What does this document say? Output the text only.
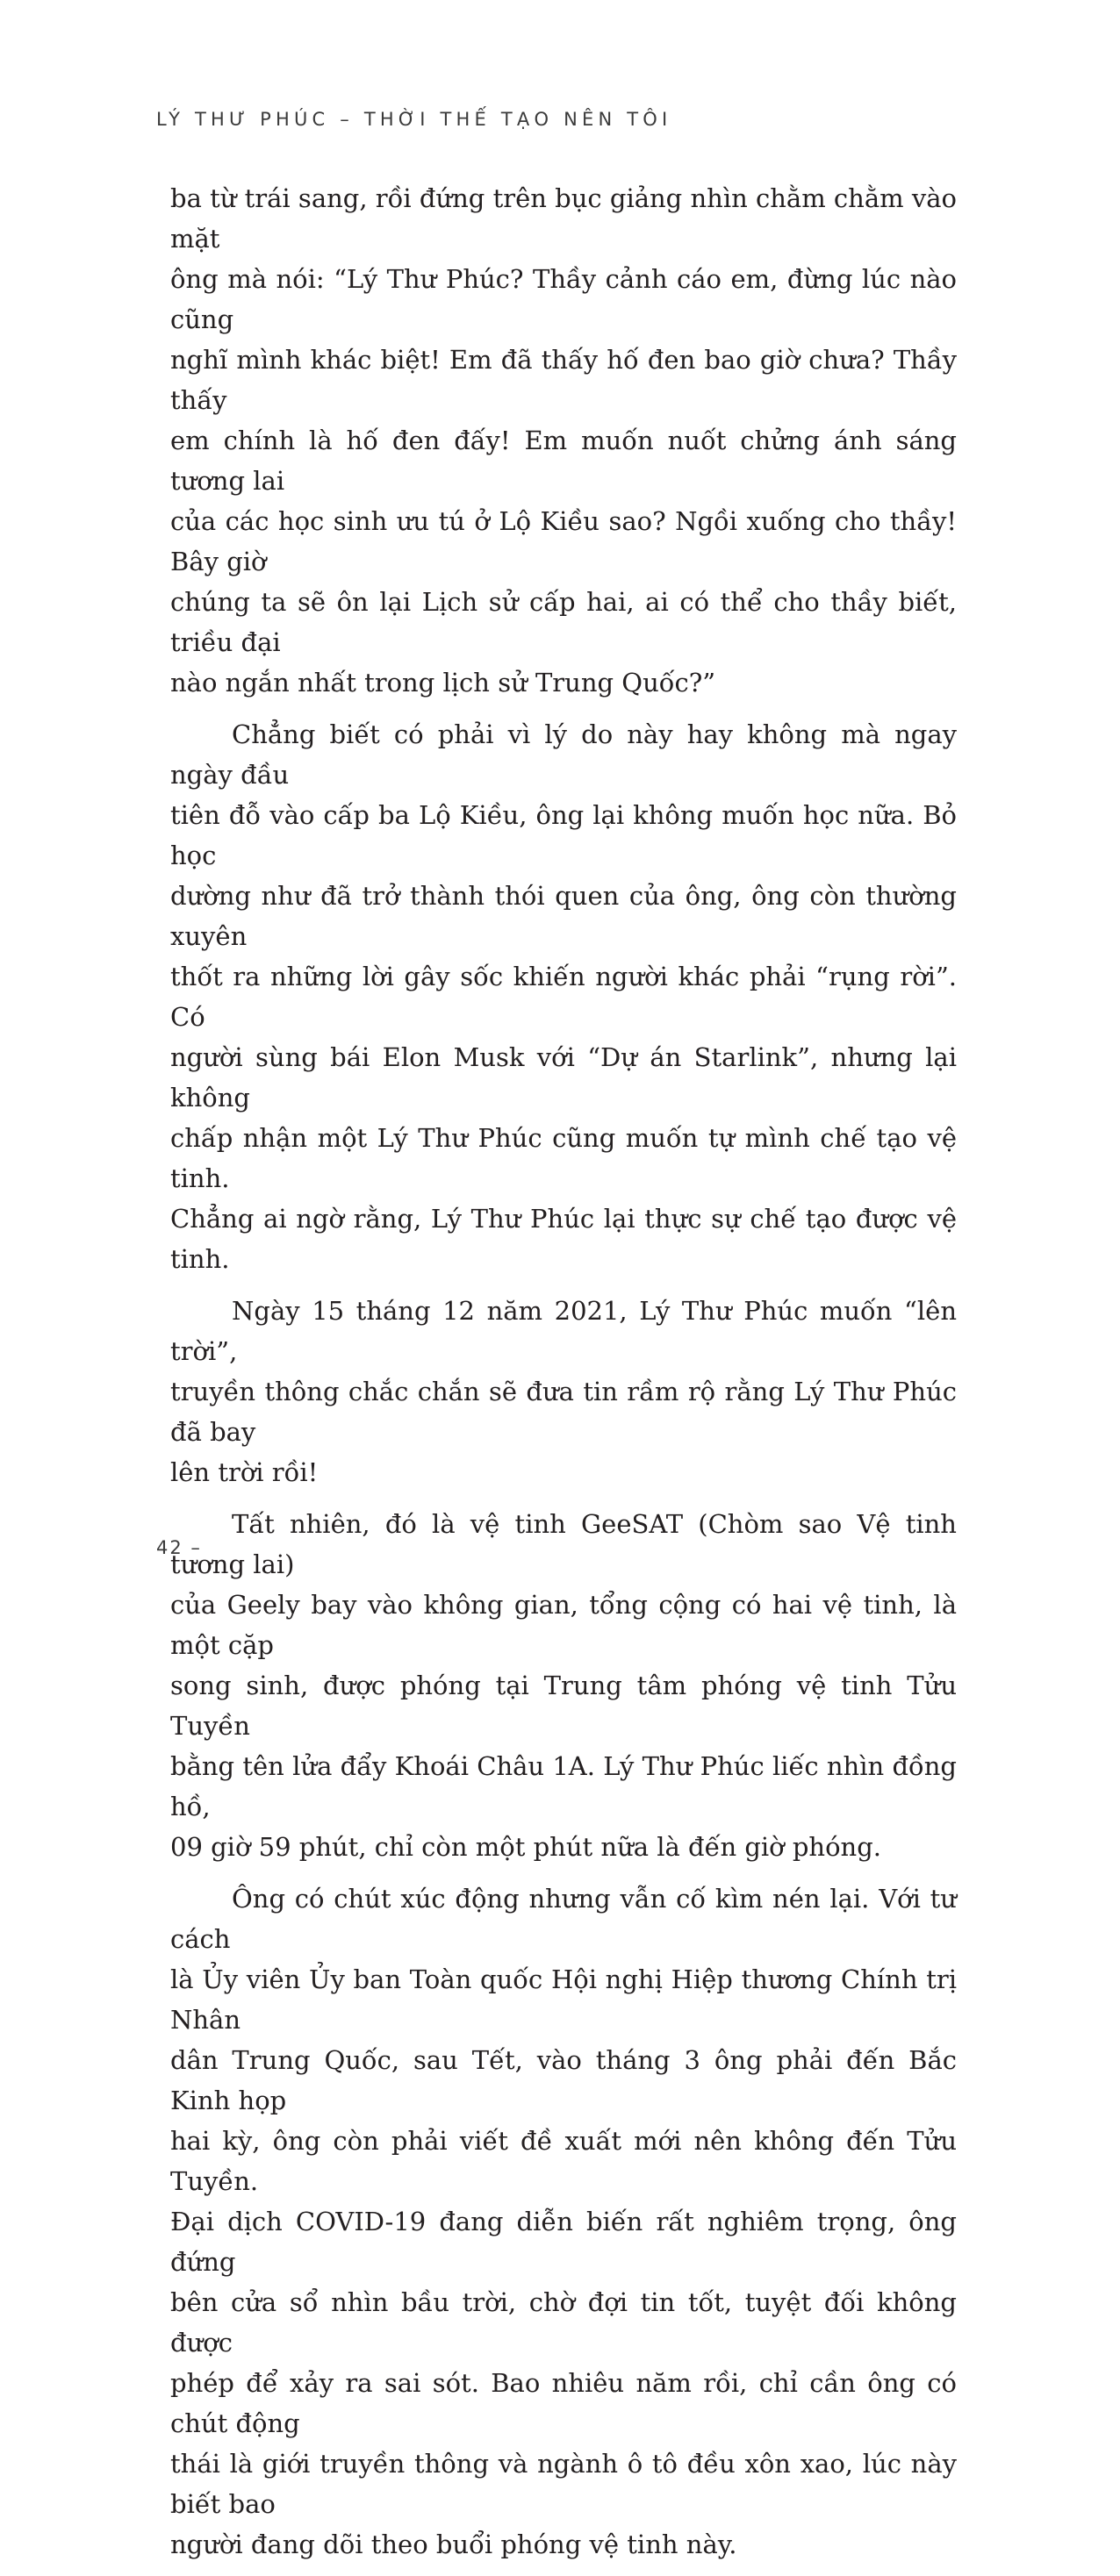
LÝ THƯ PHÚC – THỜI THẾ TẠO NÊN TÔI

ba từ trái sang, rồi đứng trên bục giảng nhìn chằm chằm vào mặt
ông mà nói: “Lý Thư Phúc? Thầy cảnh cáo em, đừng lúc nào cũng
nghĩ mình khác biệt! Em đã thấy hố đen bao giờ chưa? Thầy thấy
em chính là hố đen đấy! Em muốn nuốt chửng ánh sáng tương lai
của các học sinh ưu tú ở Lộ Kiều sao? Ngồi xuống cho thầy! Bây giờ
chúng ta sẽ ôn lại Lịch sử cấp hai, ai có thể cho thầy biết, triều đại
nào ngắn nhất trong lịch sử Trung Quốc?”

Chẳng biết có phải vì lý do này hay không mà ngay ngày đầu
tiên đỗ vào cấp ba Lộ Kiều, ông lại không muốn học nữa. Bỏ học
dường như đã trở thành thói quen của ông, ông còn thường xuyên
thốt ra những lời gây sốc khiến người khác phải “rụng rời”. Có
người sùng bái Elon Musk với “Dự án Starlink”, nhưng lại không
chấp nhận một Lý Thư Phúc cũng muốn tự mình chế tạo vệ tinh.
Chẳng ai ngờ rằng, Lý Thư Phúc lại thực sự chế tạo được vệ tinh.

Ngày 15 tháng 12 năm 2021, Lý Thư Phúc muốn “lên trời”,
truyền thông chắc chắn sẽ đưa tin rầm rộ rằng Lý Thư Phúc đã bay
lên trời rồi!

Tất nhiên, đó là vệ tinh GeeSAT (Chòm sao Vệ tinh tương lai)
của Geely bay vào không gian, tổng cộng có hai vệ tinh, là một cặp
song sinh, được phóng tại Trung tâm phóng vệ tinh Tửu Tuyền
bằng tên lửa đẩy Khoái Châu 1A. Lý Thư Phúc liếc nhìn đồng hồ,
09 giờ 59 phút, chỉ còn một phút nữa là đến giờ phóng.

Ông có chút xúc động nhưng vẫn cố kìm nén lại. Với tư cách
là Ủy viên Ủy ban Toàn quốc Hội nghị Hiệp thương Chính trị Nhân
dân Trung Quốc, sau Tết, vào tháng 3 ông phải đến Bắc Kinh họp
hai kỳ, ông còn phải viết đề xuất mới nên không đến Tửu Tuyền.
Đại dịch COVID-19 đang diễn biến rất nghiêm trọng, ông đứng
bên cửa sổ nhìn bầu trời, chờ đợi tin tốt, tuyệt đối không được
phép để xảy ra sai sót. Bao nhiêu năm rồi, chỉ cần ông có chút động
thái là giới truyền thông và ngành ô tô đều xôn xao, lúc này biết bao
người đang dõi theo buổi phóng vệ tinh này.

42 –
